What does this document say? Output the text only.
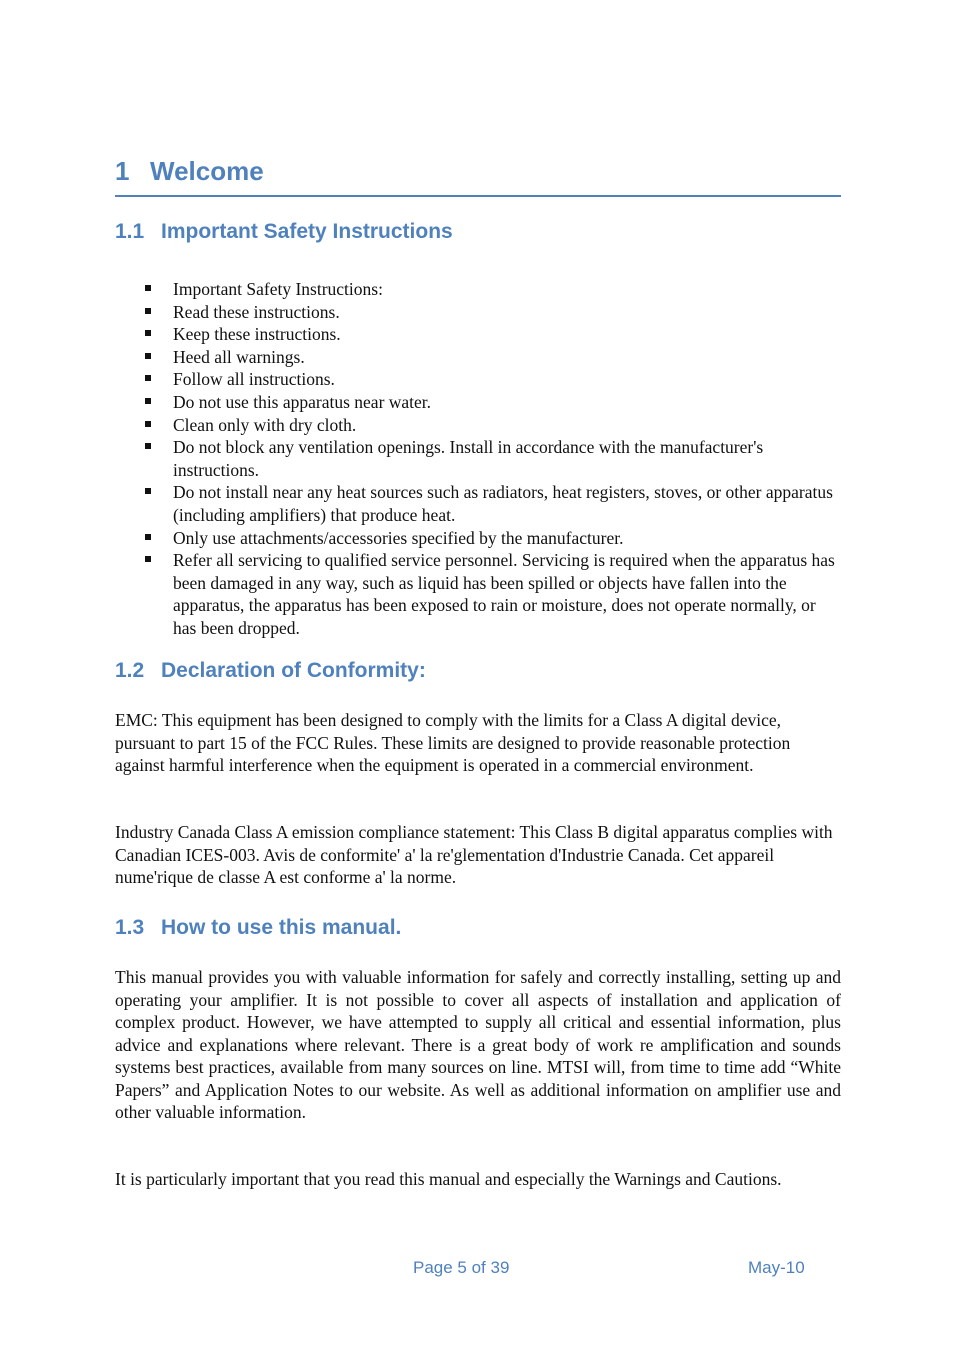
1 Welcome
1.1 Important Safety Instructions
Important Safety Instructions:
Read these instructions.
Keep these instructions.
Heed all warnings.
Follow all instructions.
Do not use this apparatus near water.
Clean only with dry cloth.
Do not block any ventilation openings. Install in accordance with the manufacturer's instructions.
Do not install near any heat sources such as radiators, heat registers, stoves, or other apparatus (including amplifiers) that produce heat.
Only use attachments/accessories specified by the manufacturer.
Refer all servicing to qualified service personnel. Servicing is required when the apparatus has been damaged in any way, such as liquid has been spilled or objects have fallen into the apparatus, the apparatus has been exposed to rain or moisture, does not operate normally, or has been dropped.
1.2 Declaration of Conformity:

EMC: This equipment has been designed to comply with the limits for a Class A digital device, pursuant to part 15 of the FCC Rules. These limits are designed to provide reasonable protection against harmful interference when the equipment is operated in a commercial environment.

Industry Canada Class A emission compliance statement: This Class B digital apparatus complies with Canadian ICES-003. Avis de conformite' a' la re'glementation d'Industrie Canada. Cet appareil nume'rique de classe A est conforme a' la norme.

1.3 How to use this manual.

This manual provides you with valuable information for safely and correctly installing, setting up and operating your amplifier. It is not possible to cover all aspects of installation and application of complex product. However, we have attempted to supply all critical and essential information, plus advice and explanations where relevant. There is a great body of work re amplification and sounds systems best practices, available from many sources on line. MTSI will, from time to time add “White Papers” and Application Notes to our website. As well as additional information on amplifier use and other valuable information.

It is particularly important that you read this manual and especially the Warnings and Cautions.

Page 5 of 39	May-10
